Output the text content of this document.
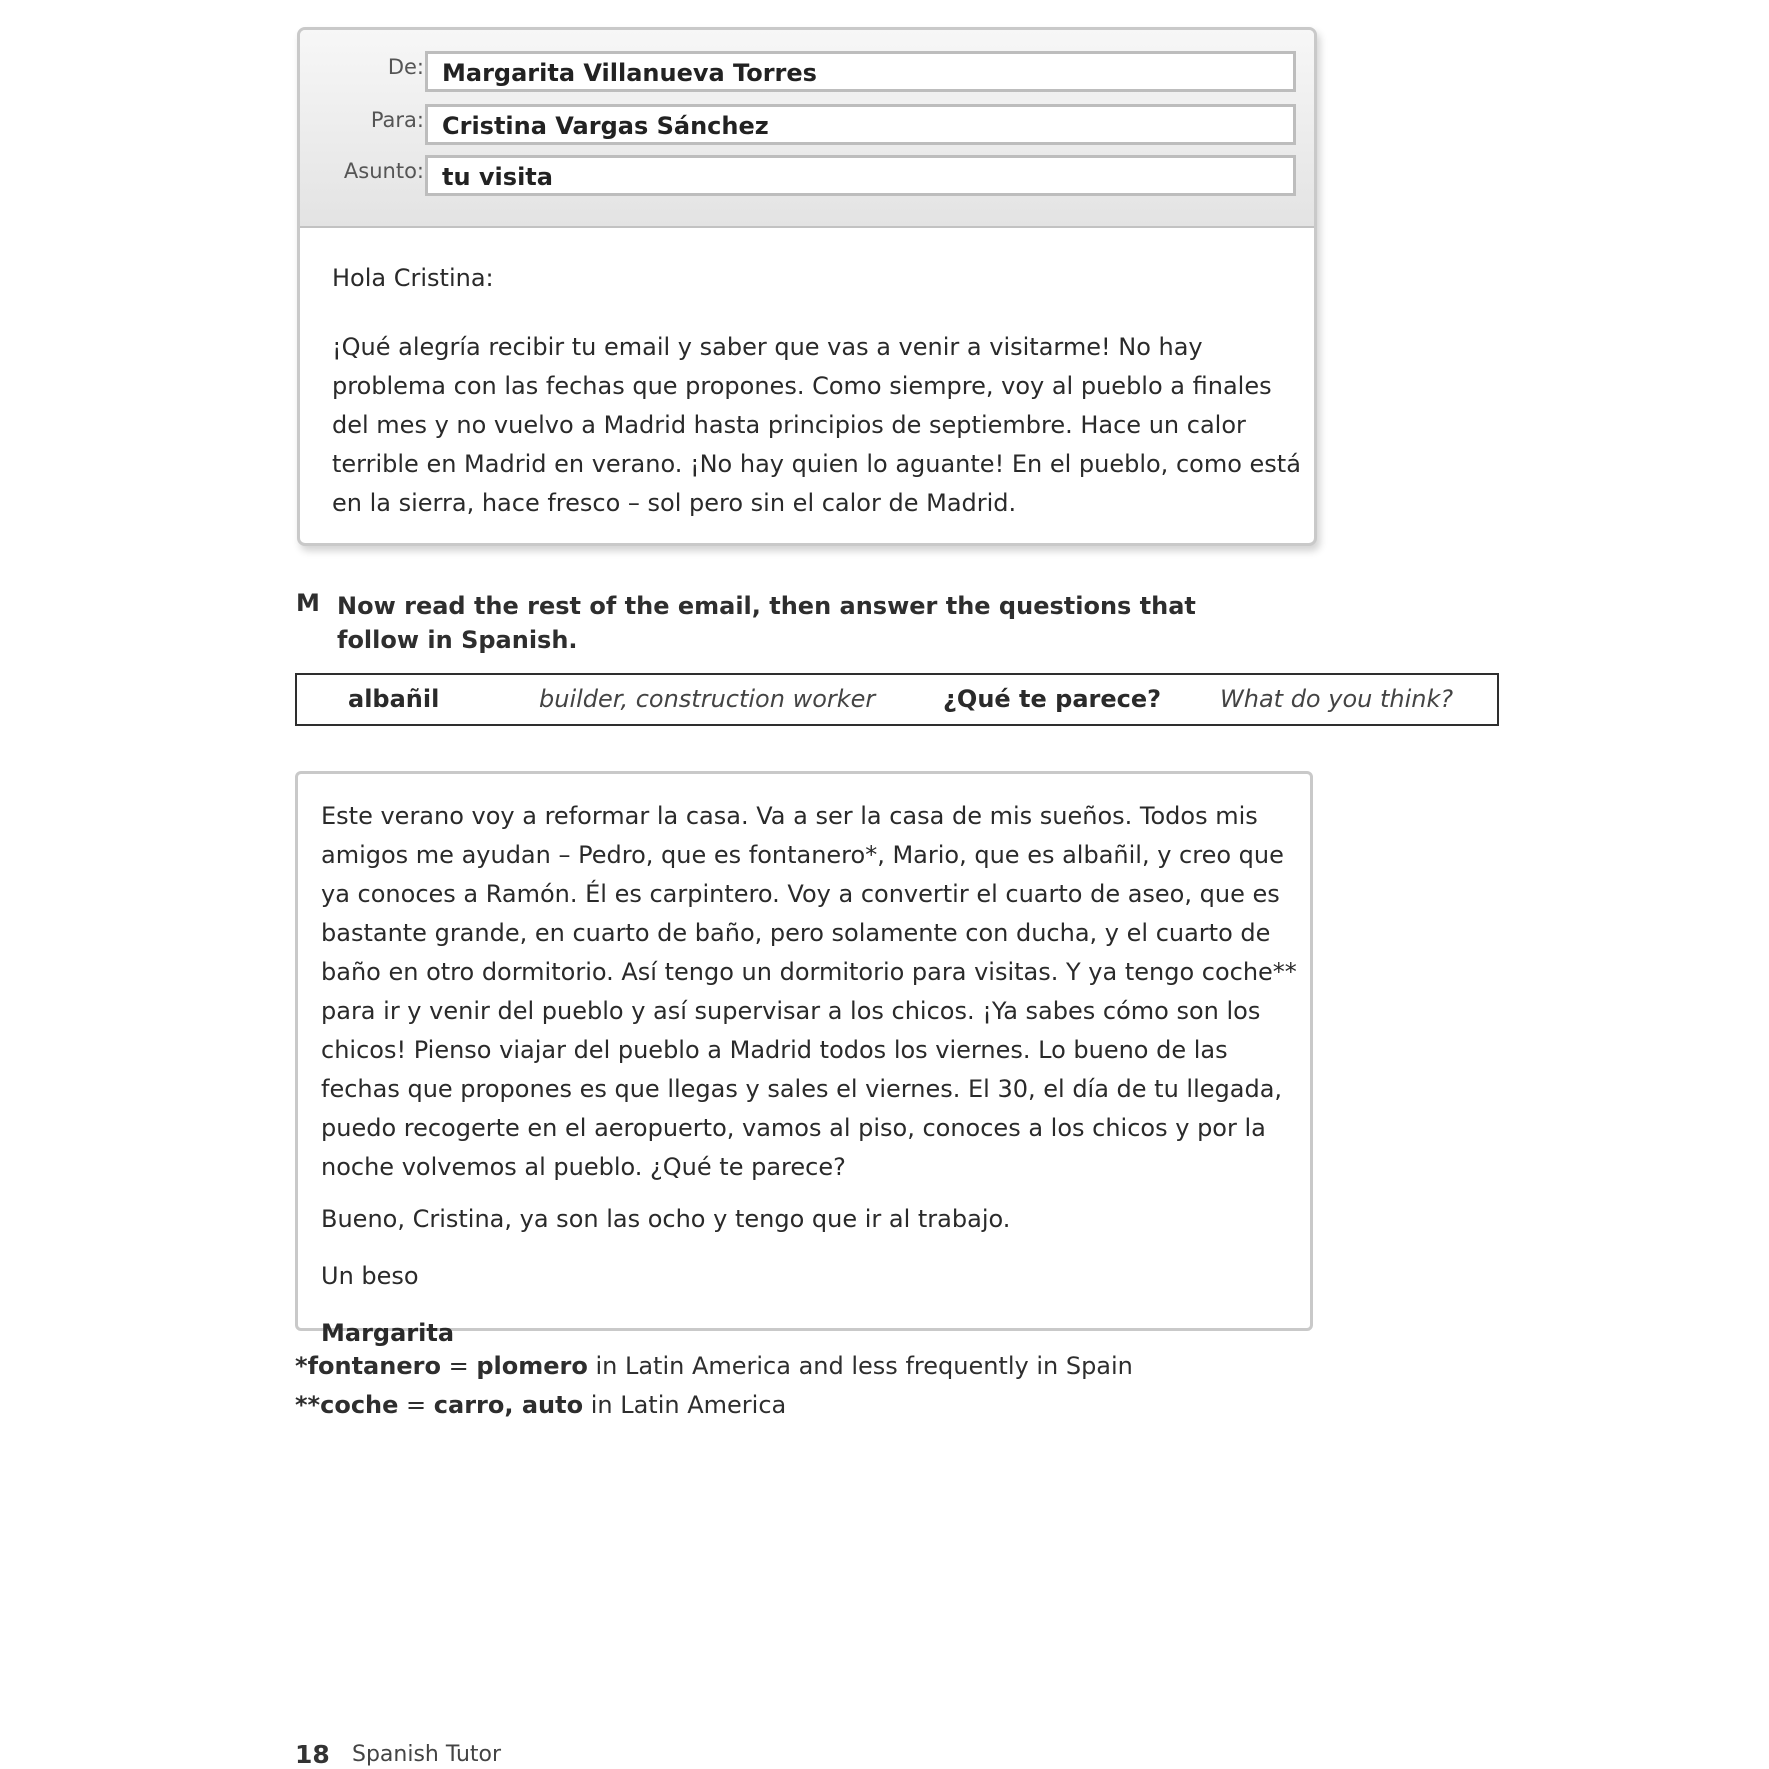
De: Margarita Villanueva Torres
Para: Cristina Vargas Sánchez
Asunto: tu visita

Hola Cristina:

¡Qué alegría recibir tu email y saber que vas a venir a visitarme! No hay problema con las fechas que propones. Como siempre, voy al pueblo a finales del mes y no vuelvo a Madrid hasta principios de septiembre. Hace un calor terrible en Madrid en verano. ¡No hay quien lo aguante! En el pueblo, como está en la sierra, hace fresco – sol pero sin el calor de Madrid.

M Now read the rest of the email, then answer the questions that follow in Spanish.
albañil	builder, construction worker	¿Qué te parece? What do you think?

Este verano voy a reformar la casa. Va a ser la casa de mis sueños. Todos mis amigos me ayudan – Pedro, que es fontanero*, Mario, que es albañil, y creo que ya conoces a Ramón. Él es carpintero. Voy a convertir el cuarto de aseo, que es bastante grande, en cuarto de baño, pero solamente con ducha, y el cuarto de baño en otro dormitorio. Así tengo un dormitorio para visitas. Y ya tengo coche** para ir y venir del pueblo y así supervisar a los chicos. ¡Ya sabes cómo son los chicos! Pienso viajar del pueblo a Madrid todos los viernes. Lo bueno de las fechas que propones es que llegas y sales el viernes. El 30, el día de tu llegada, puedo recogerte en el aeropuerto, vamos al piso, conoces a los chicos y por la noche volvemos al pueblo. ¿Qué te parece?

Bueno, Cristina, ya son las ocho y tengo que ir al trabajo.

Un beso

Margarita

*fontanero = plomero in Latin America and less frequently in Spain
**coche = carro, auto in Latin America
18 Spanish Tutor
